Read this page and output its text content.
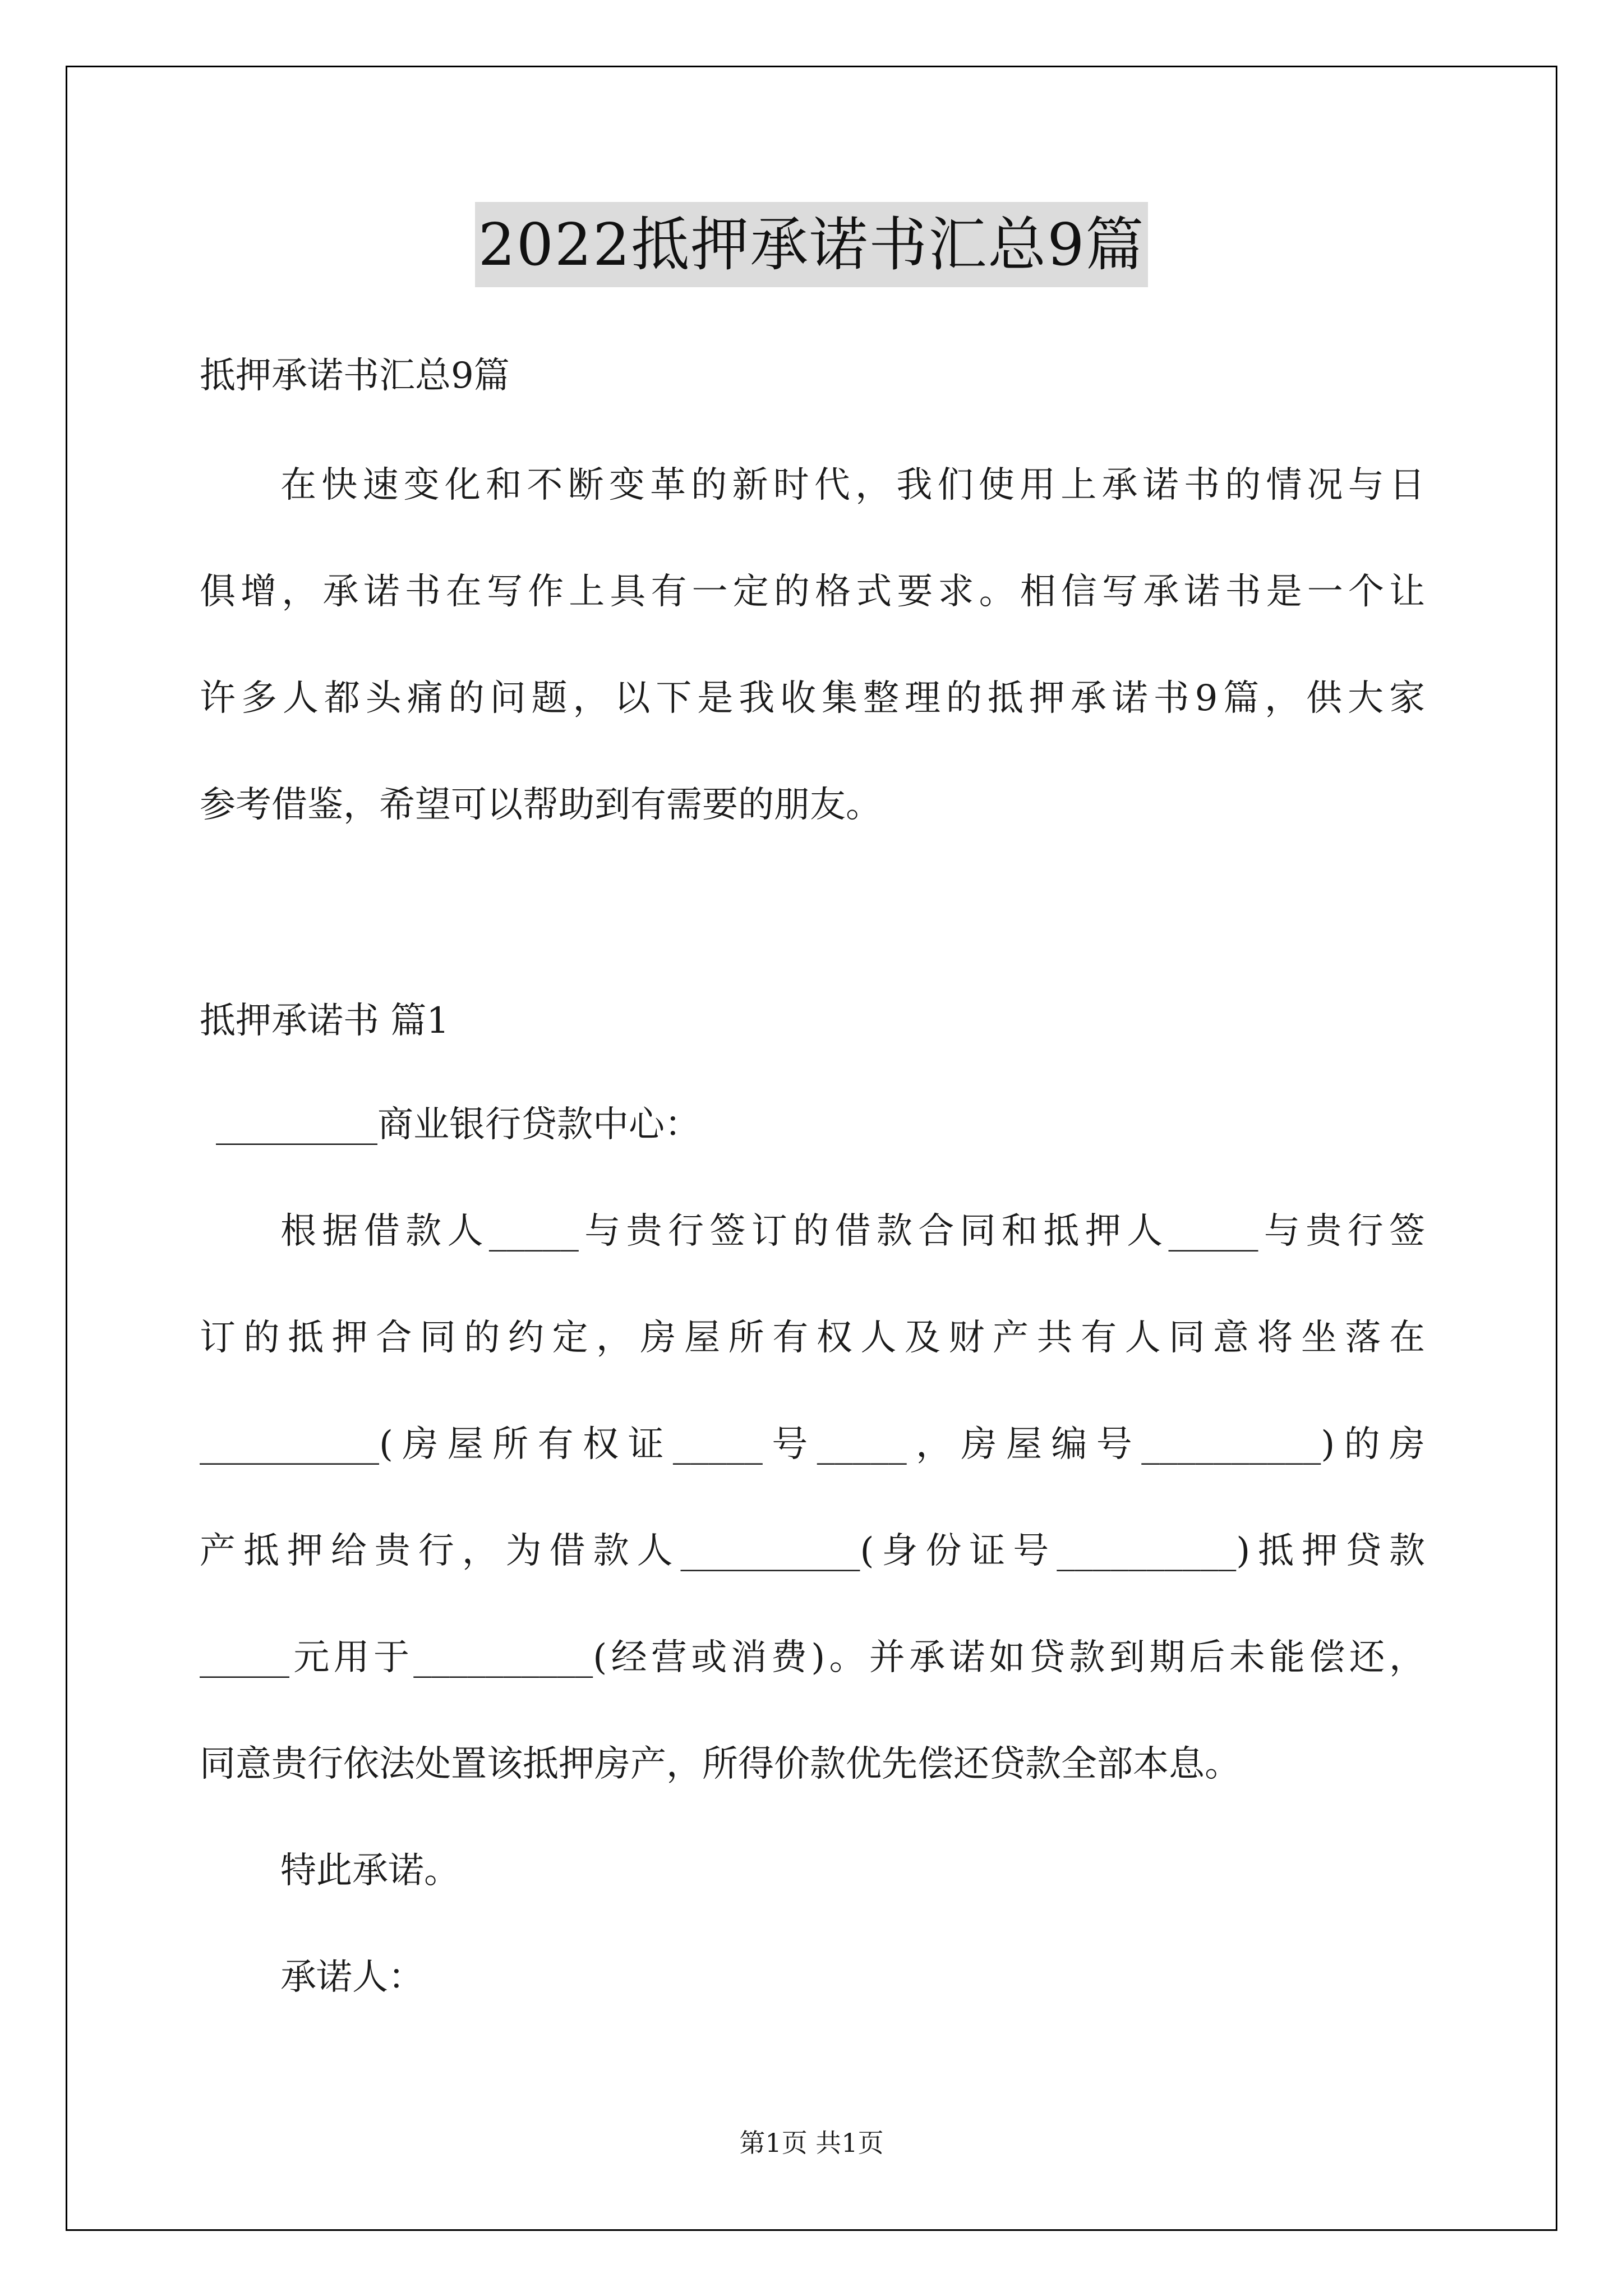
2022抵押承诺书汇总9篇
抵押承诺书汇总9篇
在快速变化和不断变革的新时代，我们使用上承诺书的情况与日
俱增，承诺书在写作上具有一定的格式要求。相信写承诺书是一个让
许多人都头痛的问题，以下是我收集整理的抵押承诺书9篇，供大家
参考借鉴，希望可以帮助到有需要的朋友。
抵押承诺书 篇1
_________商业银行贷款中心：
根据借款人_____与贵行签订的借款合同和抵押人_____与贵行签
订的抵押合同的约定，房屋所有权人及财产共有人同意将坐落在
__________(房屋所有权证_____号_____，房屋编号__________)的房
产抵押给贵行，为借款人__________(身份证号__________)抵押贷款
_____元用于__________(经营或消费)。并承诺如贷款到期后未能偿还，
同意贵行依法处置该抵押房产，所得价款优先偿还贷款全部本息。
特此承诺。
承诺人：
第1页 共1页
